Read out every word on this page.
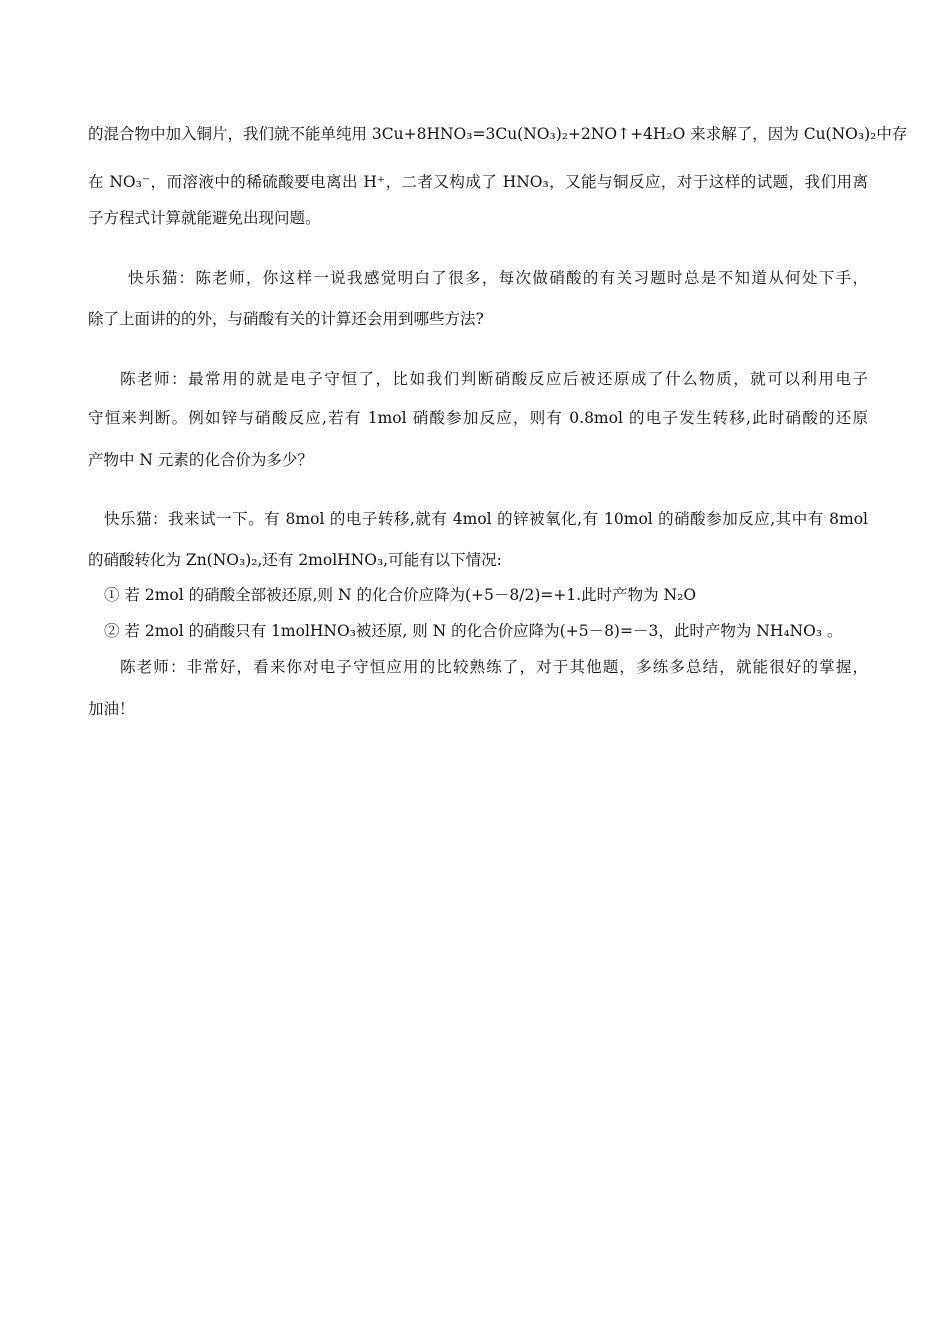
的混合物中加入铜片，我们就不能单纯用 3Cu+8HNO₃=3Cu(NO₃)₂+2NO↑+4H₂O 来求解了，因为 Cu(NO₃)₂中存
在 NO₃⁻，而溶液中的稀硫酸要电离出 H⁺，二者又构成了 HNO₃，又能与铜反应，对于这样的试题，我们用离
子方程式计算就能避免出现问题。
快乐猫：陈老师，你这样一说我感觉明白了很多，每次做硝酸的有关习题时总是不知道从何处下手，
除了上面讲的的外，与硝酸有关的计算还会用到哪些方法?
陈老师：最常用的就是电子守恒了，比如我们判断硝酸反应后被还原成了什么物质，就可以利用电子
守恒来判断。例如锌与硝酸反应,若有 1mol 硝酸参加反应，则有 0.8mol 的电子发生转移,此时硝酸的还原
产物中 N 元素的化合价为多少？
快乐猫：我来试一下。有 8mol 的电子转移,就有 4mol 的锌被氧化,有 10mol 的硝酸参加反应,其中有 8mol
的硝酸转化为 Zn(NO₃)₂,还有 2molHNO₃,可能有以下情况:
① 若 2mol 的硝酸全部被还原,则 N 的化合价应降为(+5－8/2)=+1.此时产物为 N₂O
② 若 2mol 的硝酸只有 1molHNO₃被还原, 则 N 的化合价应降为(+5－8)=－3，此时产物为 NH₄NO₃ 。
陈老师：非常好，看来你对电子守恒应用的比较熟练了，对于其他题，多练多总结，就能很好的掌握，
加油！
